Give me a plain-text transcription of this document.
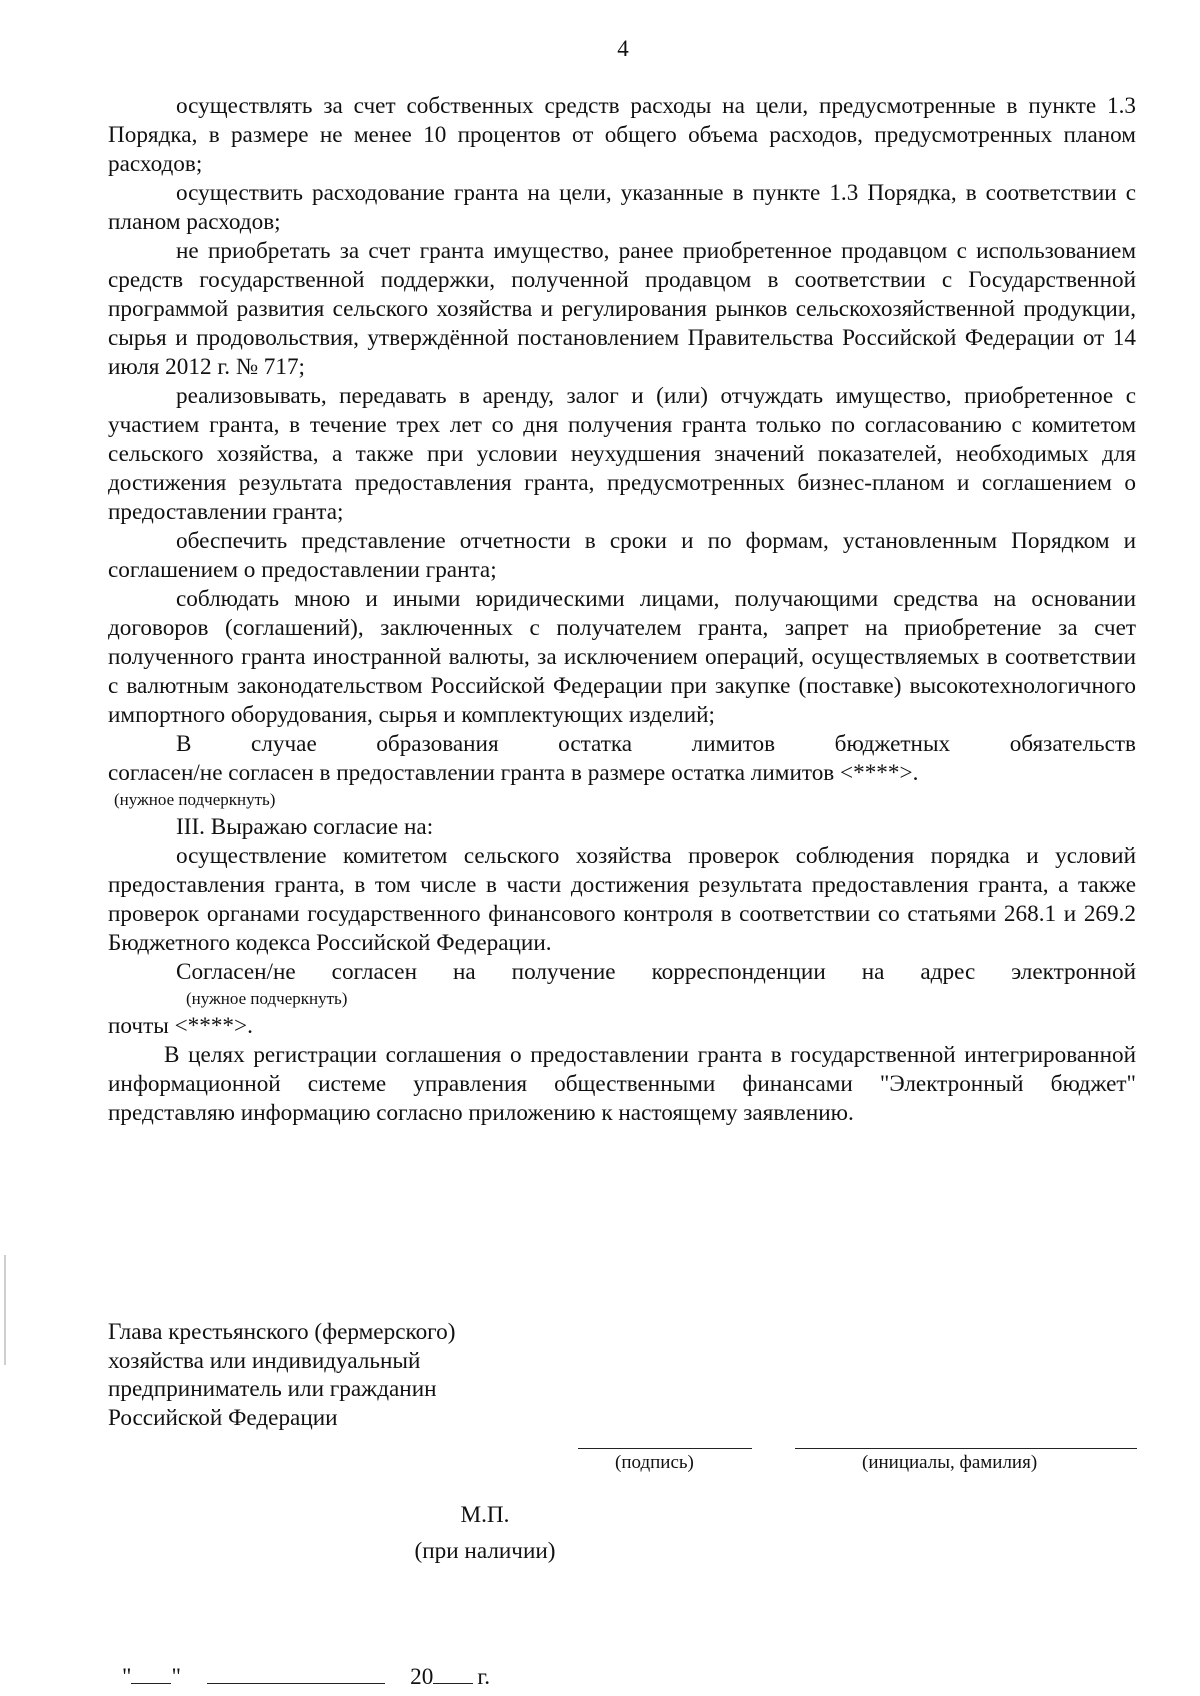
4

осуществлять за счет собственных средств расходы на цели, предусмотренные в пункте 1.3 Порядка, в размере не менее 10 процентов от общего объема расходов, предусмотренных планом расходов;

осуществить расходование гранта на цели, указанные в пункте 1.3 Порядка, в соответствии с планом расходов;

не приобретать за счет гранта имущество, ранее приобретенное продавцом с использованием средств государственной поддержки, полученной продавцом в соответствии с Государственной программой развития сельского хозяйства и регулирования рынков сельскохозяйственной продукции, сырья и продовольствия, утверждённой постановлением Правительства Российской Федерации от 14 июля 2012 г. № 717;

реализовывать, передавать в аренду, залог и (или) отчуждать имущество, приобретенное с участием гранта, в течение трех лет со дня получения гранта только по согласованию с комитетом сельского хозяйства, а также при условии неухудшения значений показателей, необходимых для достижения результата предоставления гранта, предусмотренных бизнес-планом и соглашением о предоставлении гранта;

обеспечить представление отчетности в сроки и по формам, установленным Порядком и соглашением о предоставлении гранта;

соблюдать мною и иными юридическими лицами, получающими средства на основании договоров (соглашений), заключенных с получателем гранта, запрет на приобретение за счет полученного гранта иностранной валюты, за исключением операций, осуществляемых в соответствии с валютным законодательством Российской Федерации при закупке (поставке) высокотехнологичного импортного оборудования, сырья и комплектующих изделий;

В	случае	образования	остатка	лимитов	бюджетных	обязательств

согласен/не согласен в предоставлении гранта в размере остатка лимитов <****>.

(нужное подчеркнуть)

III. Выражаю согласие на:

осуществление комитетом сельского хозяйства проверок соблюдения порядка и условий предоставления гранта, в том числе в части достижения результата предоставления гранта, а также проверок органами государственного финансового контроля в соответствии со статьями 268.1 и 269.2 Бюджетного кодекса Российской Федерации.

Согласен/не согласен на получение корреспонденции на адрес электронной

(нужное подчеркнуть)

почты <****>.

В целях регистрации соглашения о предоставлении гранта в государственной интегрированной информационной системе управления общественными финансами "Электронный бюджет" представляю информацию согласно приложению к настоящему заявлению.

Глава крестьянского (фермерского)
хозяйства или индивидуальный
предприниматель или гражданин
Российской Федерации
(подпись)	(инициалы, фамилия)
М.П.
(при наличии)
" "	20 г.
